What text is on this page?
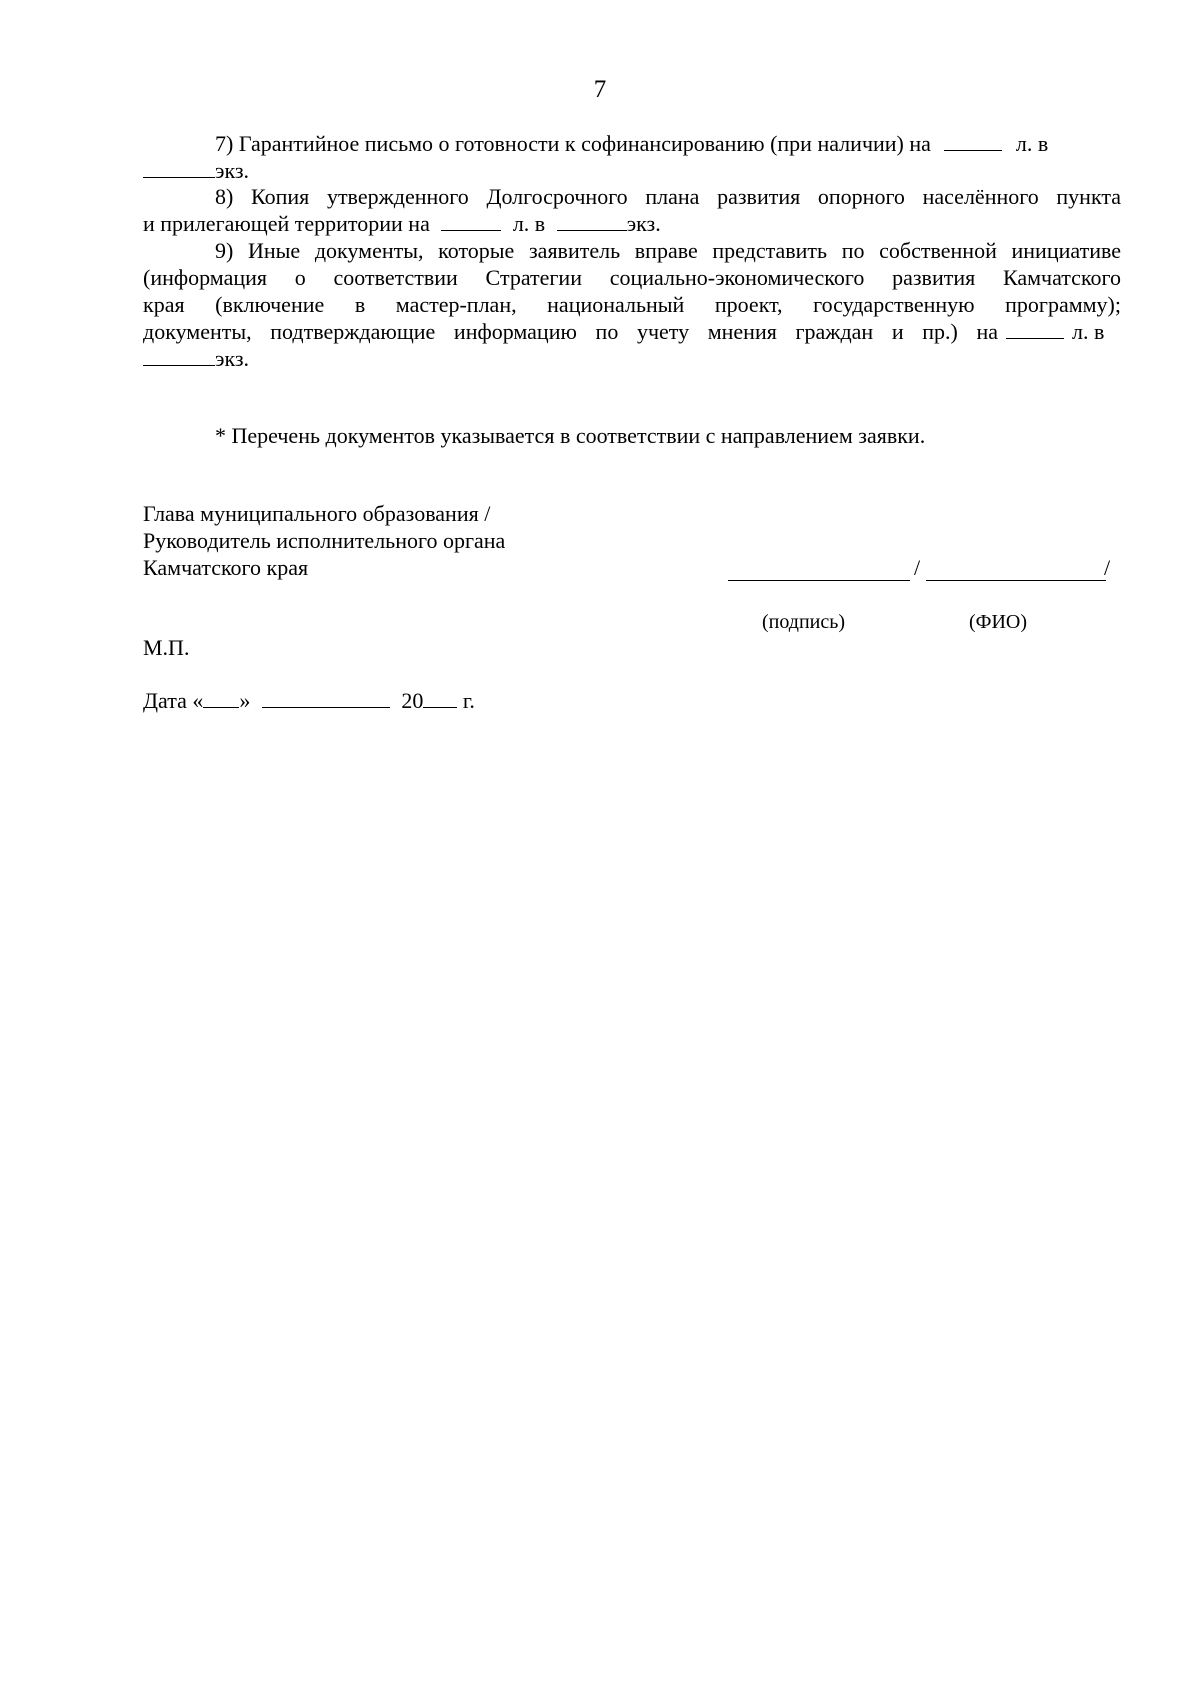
7
7) Гарантийное письмо о готовности к софинансированию (при наличии) на	л. в
экз.
8) Копия утвержденного Долгосрочного плана развития опорного населённого пункта
и прилегающей территории на	л. в	экз.
9) Иные документы, которые заявитель вправе представить по собственной инициативе
(информация о соответствии Стратегии социально-экономического развития Камчатского
края (включение в мастер-план, национальный проект, государственную программу);
документы, подтверждающие информацию по учету мнения граждан и пр.) на	л. в
экз.
* Перечень документов указывается в соответствии с направлением заявки.
Глава муниципального образования /
Руководитель исполнительного органа
Камчатского края	/	/
(подпись)	(ФИО)
М.П.
Дата « »	20 г.
